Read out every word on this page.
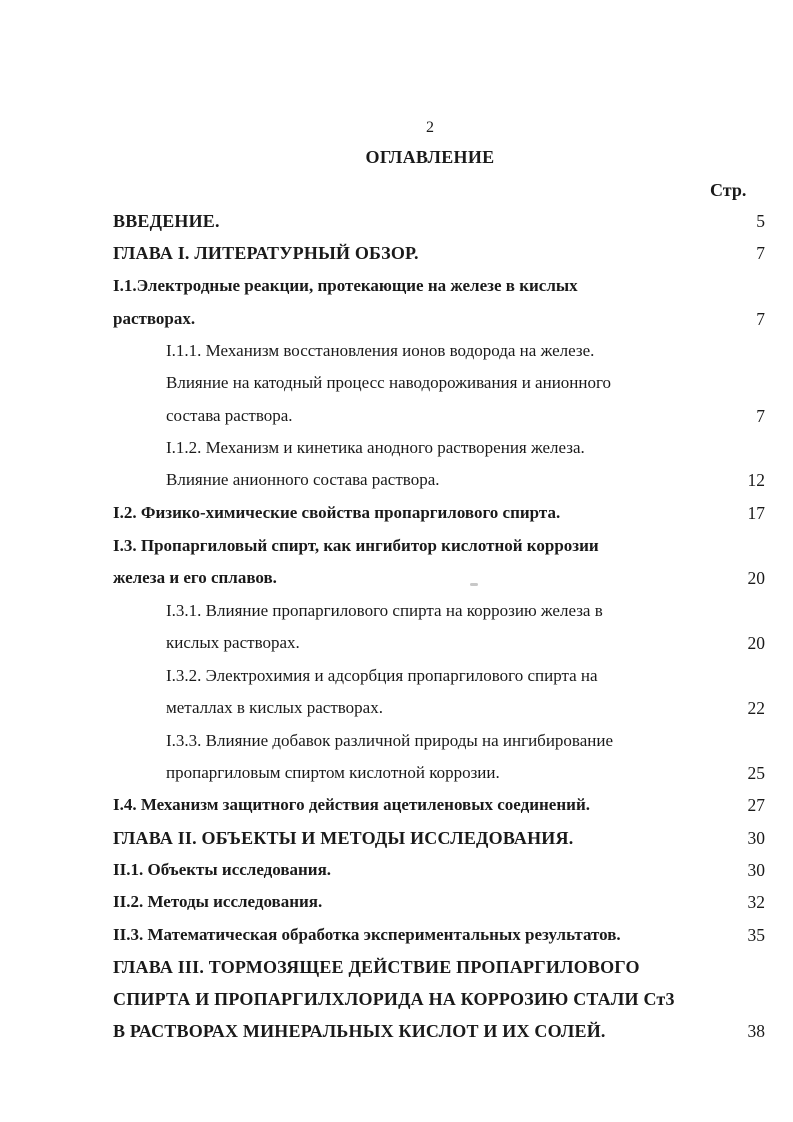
2
ОГЛАВЛЕНИЕ
Стр.
ВВЕДЕНИЕ.	5
ГЛАВА I. ЛИТЕРАТУРНЫЙ ОБЗОР.	7
I.1.Электродные реакции, протекающие на железе в кислых
растворах.	7
I.1.1. Механизм восстановления ионов водорода на железе.
Влияние на катодный процесс наводороживания и анионного
состава раствора.	7
I.1.2. Механизм и кинетика анодного растворения железа.
Влияние анионного состава раствора.	12
I.2. Физико-химические свойства пропаргилового спирта.	17
I.3. Пропаргиловый спирт, как ингибитор кислотной коррозии
железа и его сплавов.	20
I.3.1. Влияние пропаргилового спирта на коррозию железа в
кислых растворах.	20
I.3.2. Электрохимия и адсорбция пропаргилового спирта на
металлах в кислых растворах.	22
I.3.3. Влияние добавок различной природы на ингибирование
пропаргиловым спиртом кислотной коррозии.	25
I.4. Механизм защитного действия ацетиленовых соединений.	27
ГЛАВА II. ОБЪЕКТЫ И МЕТОДЫ ИССЛЕДОВАНИЯ.	30
II.1. Объекты исследования.	30
II.2. Методы исследования.	32
II.3. Математическая обработка экспериментальных результатов.	35
ГЛАВА III. ТОРМОЗЯЩЕЕ ДЕЙСТВИЕ ПРОПАРГИЛОВОГО
СПИРТА И ПРОПАРГИЛХЛОРИДА НА КОРРОЗИЮ СТАЛИ Ст3
В РАСТВОРАХ МИНЕРАЛЬНЫХ КИСЛОТ И ИХ СОЛЕЙ.	38
